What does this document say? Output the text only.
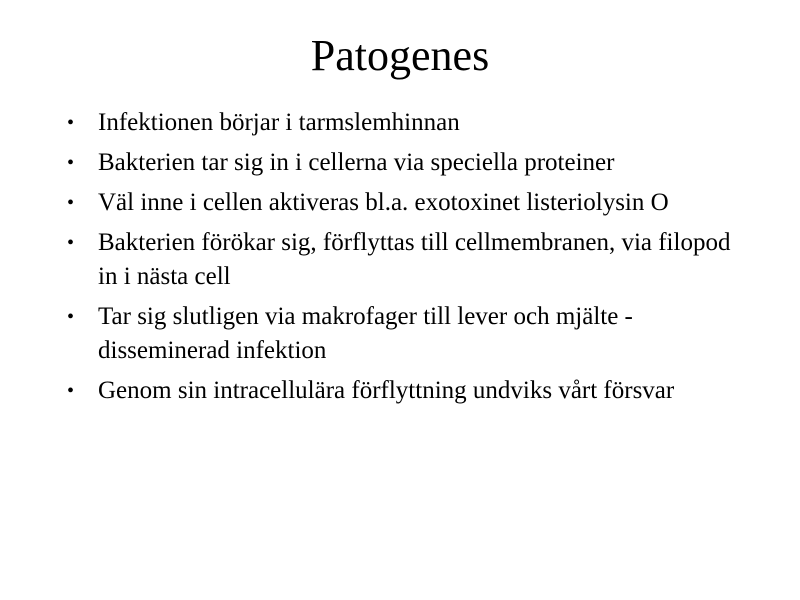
Patogenes
• Infektionen börjar i tarmslemhinnan
• Bakterien tar sig in i cellerna via speciella proteiner
• Väl inne i cellen aktiveras bl.a. exotoxinet listeriolysin O
• Bakterien förökar sig, förflyttas till cellmembranen, via filopod in i nästa cell
• Tar sig slutligen via makrofager till lever och mjälte - disseminerad infektion
• Genom sin intracellulära förflyttning undviks vårt försvar
